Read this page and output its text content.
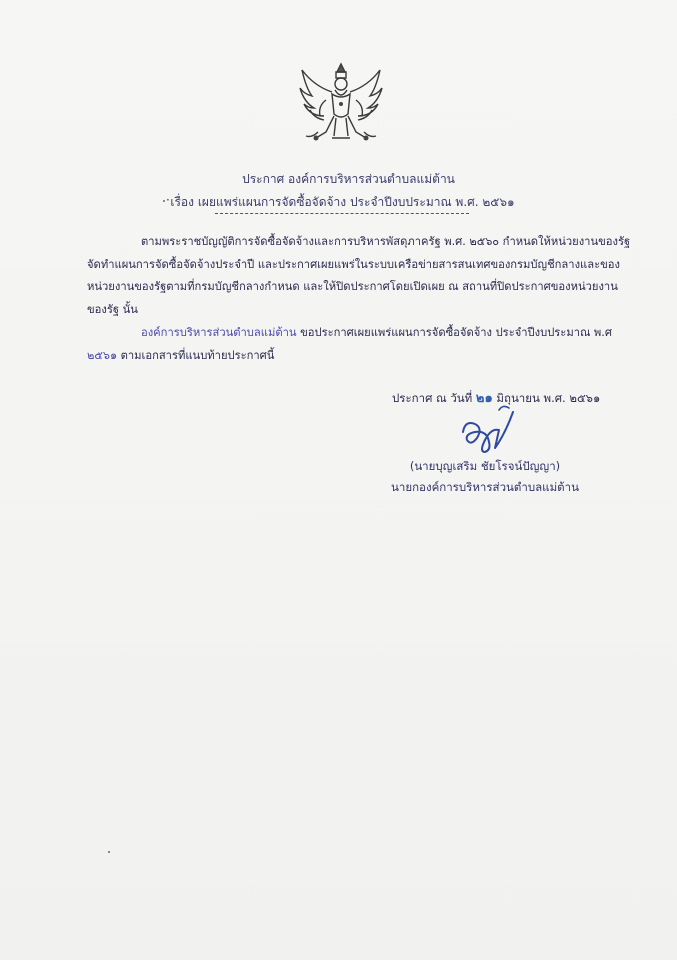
ประกาศ องค์การบริหารส่วนตำบลแม่ต้าน
· เรื่อง เผยแพร่แผนการจัดซื้อจัดจ้าง ประจำปีงบประมาณ พ.ศ. ๒๕๖๑
ตามพระราชบัญญัติการจัดซื้อจัดจ้างและการบริหารพัสดุภาครัฐ พ.ศ. ๒๕๖๐ กำหนดให้หน่วยงานของรัฐ
จัดทำแผนการจัดซื้อจัดจ้างประจำปี และประกาศเผยแพร่ในระบบเครือข่ายสารสนเทศของกรมบัญชีกลางและของ
หน่วยงานของรัฐตามที่กรมบัญชีกลางกำหนด และให้ปิดประกาศโดยเปิดเผย ณ สถานที่ปิดประกาศของหน่วยงาน
ของรัฐ นั้น
องค์การบริหารส่วนตำบลแม่ต้าน ขอประกาศเผยแพร่แผนการจัดซื้อจัดจ้าง ประจำปีงบประมาณ พ.ศ
๒๕๖๑ ตามเอกสารที่แนบท้ายประกาศนี้
ประกาศ ณ วันที่ ๒๑ มิถุนายน พ.ศ. ๒๕๖๑
(นายบุญเสริม ชัยโรจน์ปัญญา)
นายกองค์การบริหารส่วนตำบลแม่ต้าน
